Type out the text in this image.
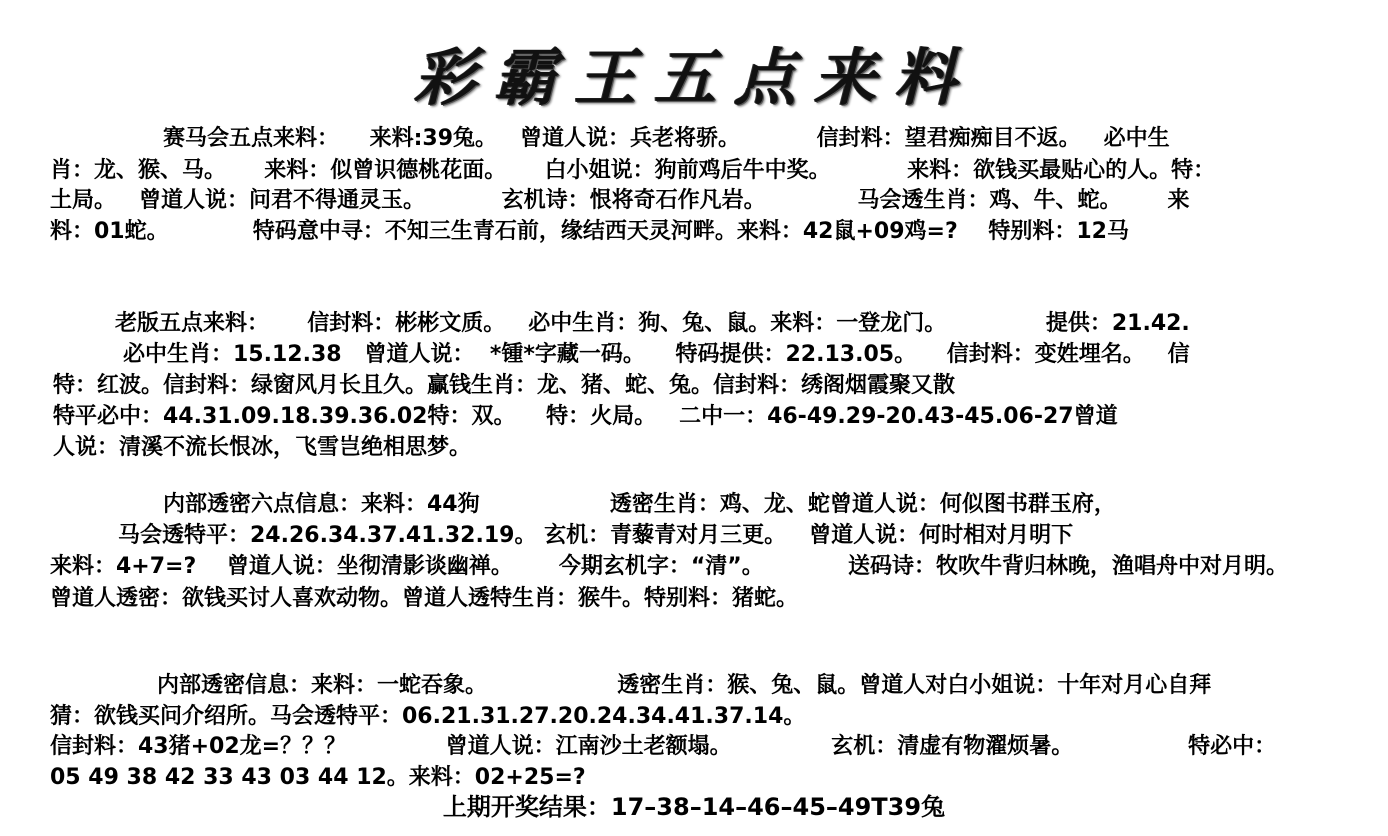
彩霸王五点来料
赛马会五点来料：    来料:39兔。   曾道人说：兵老将骄。          信封料：望君痴痴目不返。   必中生
肖：龙、猴、马。     来料：似曾识德桃花面。     白小姐说：狗前鸡后牛中奖。          来料：欲钱买最贴心的人。特：
土局。   曾道人说：问君不得通灵玉。          玄机诗：恨将奇石作凡岩。            马会透生肖：鸡、牛、蛇。      来
料：01蛇。           特码意中寻：不知三生青石前，缘结西天灵河畔。来料：42鼠+09鸡=?    特别料：12马
老版五点来料：     信封料：彬彬文质。   必中生肖：狗、兔、鼠。来料：一登龙门。             提供：21.42.
必中生肖：15.12.38   曾道人说：  *锺*字藏一码。    特码提供：22.13.05。    信封料：变姓埋名。   信
特：红波。信封料：绿窗风月长且久。赢钱生肖：龙、猪、蛇、兔。信封料：绣阁烟霞聚又散
特平必中：44.31.09.18.39.36.02特：双。    特：火局。   二中一：46-49.29-20.43-45.06-27曾道
人说：清溪不流长恨冰，飞雪岂绝相思梦。
内部透密六点信息：来料：44狗                 透密生肖：鸡、龙、蛇曾道人说：何似图书群玉府，
马会透特平：24.26.34.37.41.32.19。 玄机：青藜青对月三更。   曾道人说：何时相对月明下
来料：4+7=?    曾道人说：坐彻清影谈幽禅。      今期玄机字：“清”。           送码诗：牧吹牛背归林晚，渔唱舟中对月明。
曾道人透密：欲钱买讨人喜欢动物。曾道人透特生肖：猴牛。特别料：猪蛇。
内部透密信息：来料：一蛇吞象。                 透密生肖：猴、兔、鼠。曾道人对白小姐说：十年对月心自拜
猜：欲钱买问介绍所。马会透特平：06.21.31.27.20.24.34.41.37.14。
信封料：43猪+02龙=？？？             曾道人说：江南沙土老额塌。             玄机：清虚有物濯烦暑。               特必中：
05 49 38 42 33 43 03 44 12。来料：02+25=?
上期开奖结果：17–38–14–46–45–49T39兔
